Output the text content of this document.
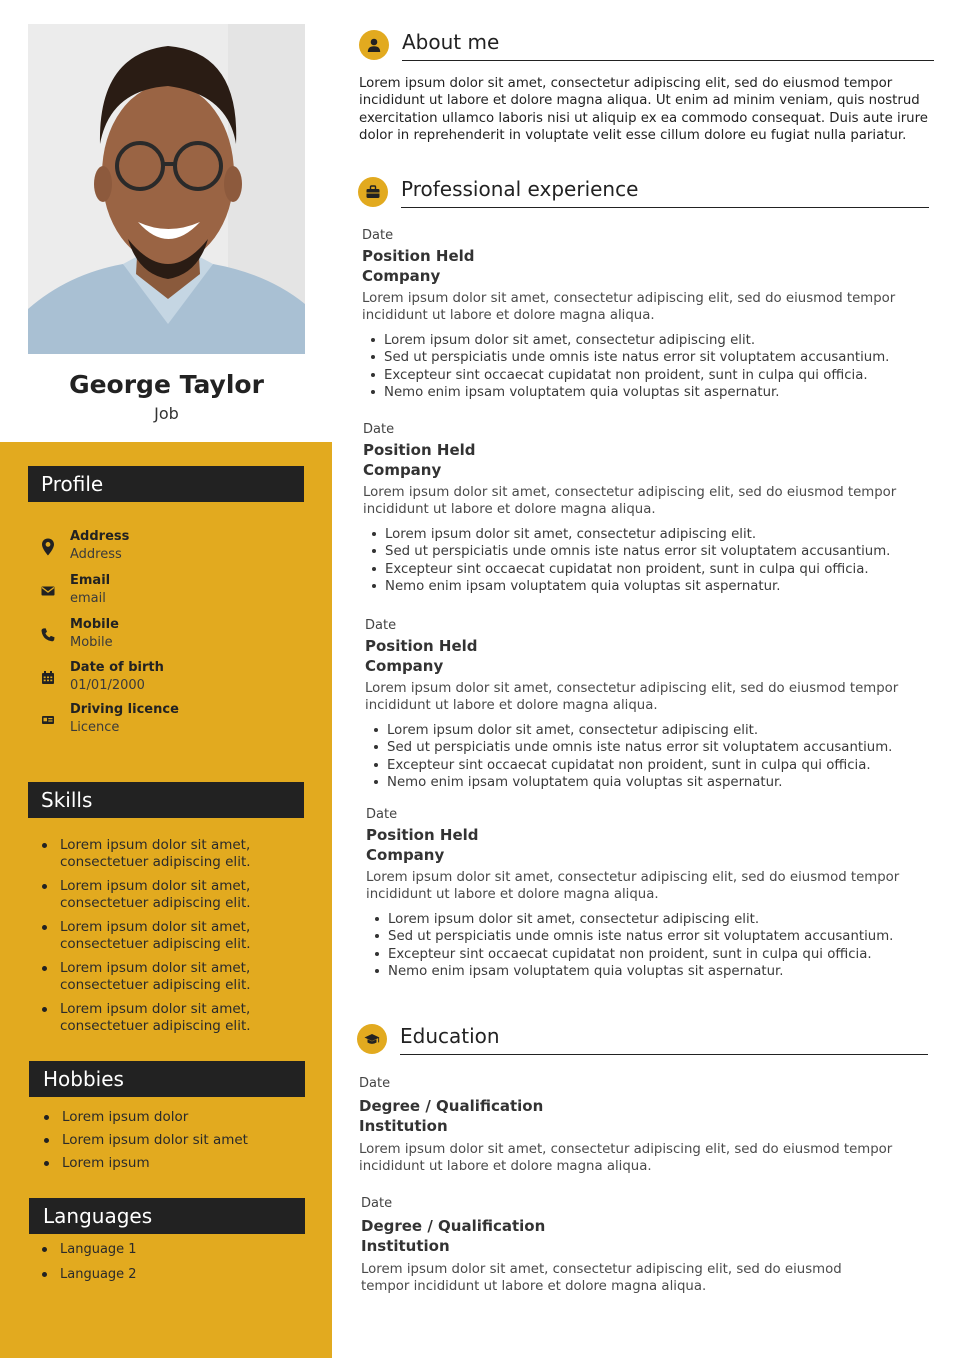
George Taylor
Job
Profile
Address
Address
Email
email
Mobile
Mobile
Date of birth
01/01/2000
Driving licence
Licence
Skills
Lorem ipsum dolor sit amet, consectetuer adipiscing elit.
Lorem ipsum dolor sit amet, consectetuer adipiscing elit.
Lorem ipsum dolor sit amet, consectetuer adipiscing elit.
Lorem ipsum dolor sit amet, consectetuer adipiscing elit.
Lorem ipsum dolor sit amet, consectetuer adipiscing elit.
Hobbies
Lorem ipsum dolor
Lorem ipsum dolor sit amet
Lorem ipsum
Languages
Language 1
Language 2
About me
Lorem ipsum dolor sit amet, consectetur adipiscing elit, sed do eiusmod tempor incididunt ut labore et dolore magna aliqua. Ut enim ad minim veniam, quis nostrud exercitation ullamco laboris nisi ut aliquip ex ea commodo consequat. Duis aute irure dolor in reprehenderit in voluptate velit esse cillum dolore eu fugiat nulla pariatur.
Professional experience
Date
Position Held
Company
Lorem ipsum dolor sit amet, consectetur adipiscing elit, sed do eiusmod tempor incididunt ut labore et dolore magna aliqua.
Lorem ipsum dolor sit amet, consectetur adipiscing elit.
Sed ut perspiciatis unde omnis iste natus error sit voluptatem accusantium.
Excepteur sint occaecat cupidatat non proident, sunt in culpa qui officia.
Nemo enim ipsam voluptatem quia voluptas sit aspernatur.
Date
Position Held
Company
Lorem ipsum dolor sit amet, consectetur adipiscing elit, sed do eiusmod tempor incididunt ut labore et dolore magna aliqua.
Lorem ipsum dolor sit amet, consectetur adipiscing elit.
Sed ut perspiciatis unde omnis iste natus error sit voluptatem accusantium.
Excepteur sint occaecat cupidatat non proident, sunt in culpa qui officia.
Nemo enim ipsam voluptatem quia voluptas sit aspernatur.
Date
Position Held
Company
Lorem ipsum dolor sit amet, consectetur adipiscing elit, sed do eiusmod tempor incididunt ut labore et dolore magna aliqua.
Lorem ipsum dolor sit amet, consectetur adipiscing elit.
Sed ut perspiciatis unde omnis iste natus error sit voluptatem accusantium.
Excepteur sint occaecat cupidatat non proident, sunt in culpa qui officia.
Nemo enim ipsam voluptatem quia voluptas sit aspernatur.
Date
Position Held
Company
Lorem ipsum dolor sit amet, consectetur adipiscing elit, sed do eiusmod tempor incididunt ut labore et dolore magna aliqua.
Lorem ipsum dolor sit amet, consectetur adipiscing elit.
Sed ut perspiciatis unde omnis iste natus error sit voluptatem accusantium.
Excepteur sint occaecat cupidatat non proident, sunt in culpa qui officia.
Nemo enim ipsam voluptatem quia voluptas sit aspernatur.
Education
Date
Degree / Qualification
Institution
Lorem ipsum dolor sit amet, consectetur adipiscing elit, sed do eiusmod tempor incididunt ut labore et dolore magna aliqua.
Date
Degree / Qualification
Institution
Lorem ipsum dolor sit amet, consectetur adipiscing elit, sed do eiusmod tempor incididunt ut labore et dolore magna aliqua.
